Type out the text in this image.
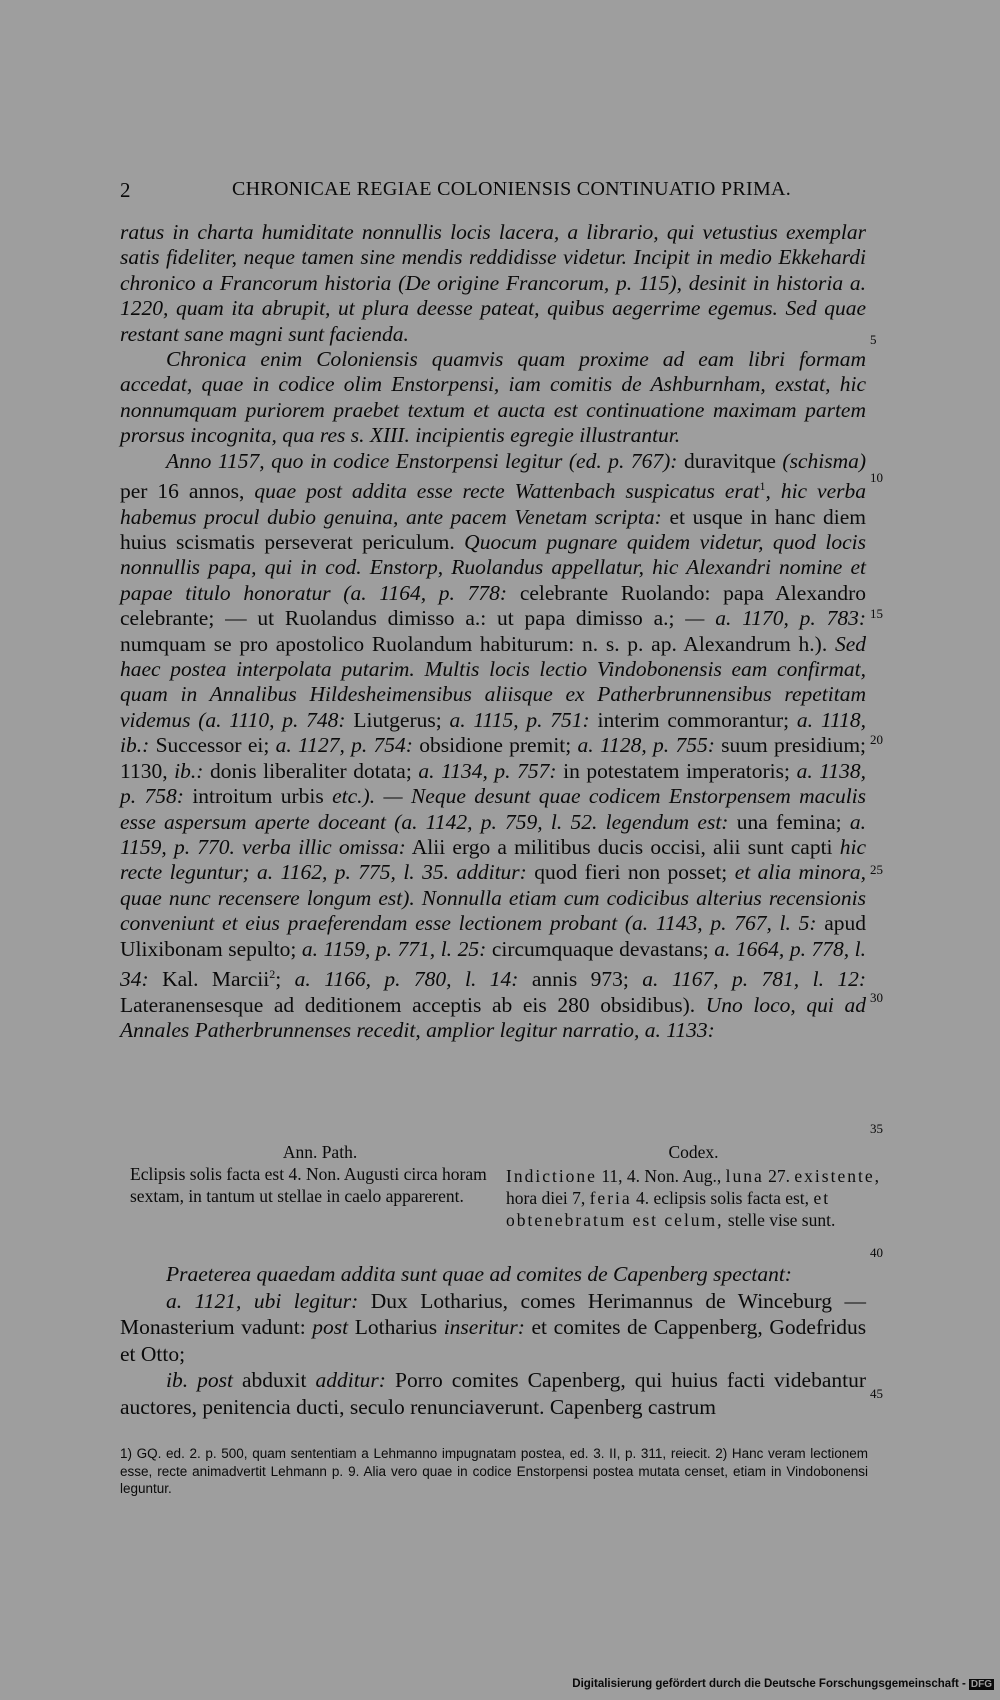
2	CHRONICAE REGIAE COLONIENSIS CONTINUATIO PRIMA.

ratus in charta humiditate nonnullis locis lacera, a librario, qui vetustius exemplar satis fideliter, neque tamen sine mendis reddidisse videtur. Incipit in medio Ekkehardi chronico a Francorum historia (De origine Francorum, p. 115), desinit in historia a. 1220, quam ita abrupit, ut plura deesse pateat, quibus aegerrime egemus. Sed quae restant sane magni sunt facienda.

Chronica enim Coloniensis quamvis quam proxime ad eam libri formam accedat, quae in codice olim Enstorpensi, iam comitis de Ashburnham, exstat, hic nonnumquam puriorem praebet textum et aucta est continuatione maximam partem prorsus incognita, qua res s. XIII. incipientis egregie illustrantur.

Anno 1157, quo in codice Enstorpensi legitur (ed. p. 767): duravitque (schisma) per 16 annos, quae post addita esse recte Wattenbach suspicatus erat$^1$, hic verba habemus procul dubio genuina, ante pacem Venetam scripta: et usque in hanc diem huius scismatis perseverat periculum. Quocum pugnare quidem videtur, quod locis nonnullis papa, qui in cod. Enstorp, Ruolandus appellatur, hic Alexandri nomine et papae titulo honoratur (a. 1164, p. 778: celebrante Ruolando: papa Alexandro celebrante; — ut Ruolandus dimisso a.: ut papa dimisso a.; — a. 1170, p. 783: numquam se pro apostolico Ruolandum habiturum: n. s. p. ap. Alexandrum h.). Sed haec postea interpolata putarim. Multis locis lectio Vindobonensis eam confirmat, quam in Annalibus Hildesheimensibus aliisque ex Patherbrunnensibus repetitam videmus (a. 1110, p. 748: Liutgerus; a. 1115, p. 751: interim commorantur; a. 1118, ib.: Successor ei; a. 1127, p. 754: obsidione premit; a. 1128, p. 755: suum presidium; 1130, ib.: donis liberaliter dotata; a. 1134, p. 757: in potestatem imperatoris; a. 1138, p. 758: introitum urbis etc.). — Neque desunt quae codicem Enstorpensem maculis esse aspersum aperte doceant (a. 1142, p. 759, l. 52. legendum est: una femina; a. 1159, p. 770. verba illic omissa: Alii ergo a militibus ducis occisi, alii sunt capti hic recte leguntur; a. 1162, p. 775, l. 35. additur: quod fieri non posset; et alia minora, quae nunc recensere longum est). Nonnulla etiam cum codicibus alterius recensionis conveniunt et eius praeferendam esse lectionem probant (a. 1143, p. 767, l. 5: apud Ulixibonam sepulto; a. 1159, p. 771, l. 25: circumquaque devastans; a. 1664, p. 778, l. 34: Kal. Marcii$^2$; a. 1166, p. 780, l. 14: annis 973; a. 1167, p. 781, l. 12: Lateranensesque ad deditionem acceptis ab eis 280 obsidibus). Uno loco, qui ad Annales Patherbrunnenses recedit, amplior legitur narratio, a. 1133:

5
10
15
20
25
30
35
40
45
Ann. Path.
Eclipsis solis facta est 4. Non. Augusti circa horam sextam, in tantum ut stellae in caelo apparerent.
Codex.
Indictione 11, 4. Non. Aug., luna 27. existente, hora diei 7, feria 4. eclipsis solis facta est, et obtenebratum est celum, stelle vise sunt.

Praeterea quaedam addita sunt quae ad comites de Capenberg spectant:

a. 1121, ubi legitur: Dux Lotharius, comes Herimannus de Winceburg — Monasterium vadunt: post Lotharius inseritur: et comites de Cappenberg, Godefridus et Otto;

ib. post abduxit additur: Porro comites Capenberg, qui huius facti videbantur auctores, penitencia ducti, seculo renunciaverunt. Capenberg castrum

1) GQ. ed. 2. p. 500, quam sententiam a Lehmanno impugnatam postea, ed. 3. II, p. 311, reiecit. 2) Hanc veram lectionem esse, recte animadvertit Lehmann p. 9. Alia vero quae in codice Enstorpensi postea mutata censet, etiam in Vindobonensi leguntur.

Digitalisierung gefördert durch die Deutsche Forschungsgemeinschaft - DFG
